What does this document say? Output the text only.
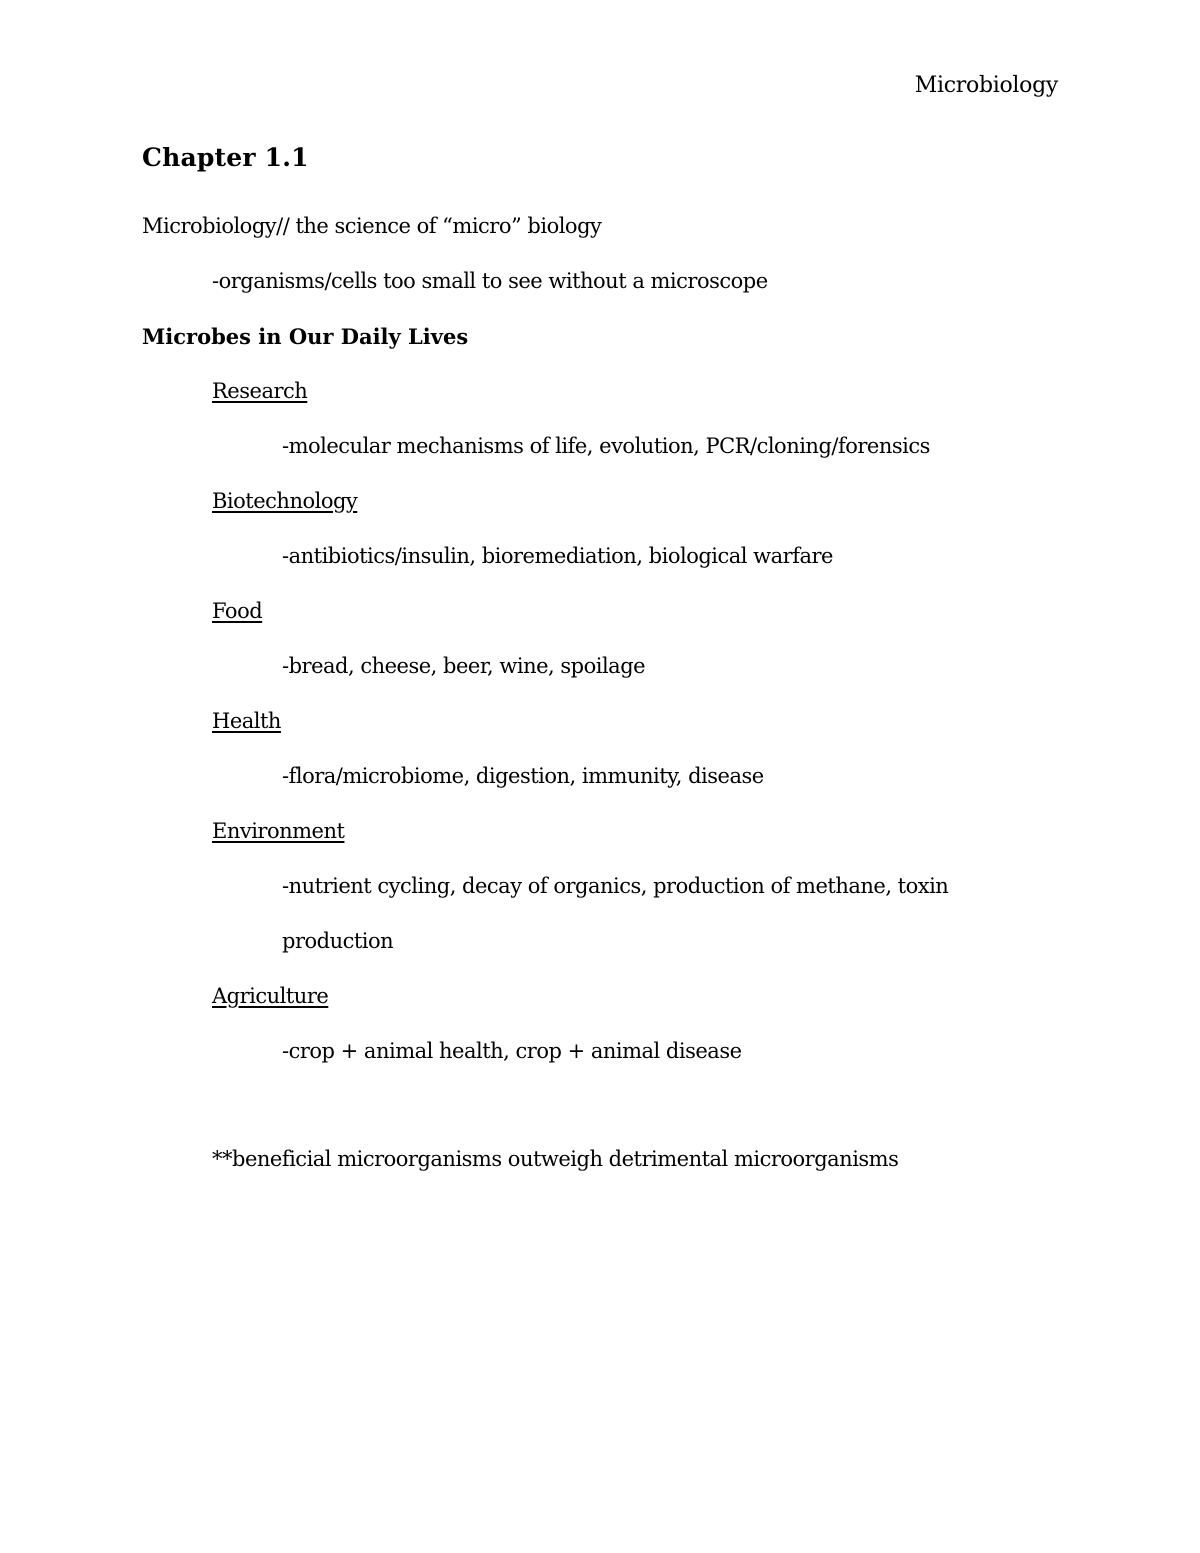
Microbiology
Chapter 1.1
Microbiology// the science of “micro” biology
-organisms/cells too small to see without a microscope
Microbes in Our Daily Lives
Research
-molecular mechanisms of life, evolution, PCR/cloning/forensics
Biotechnology
-antibiotics/insulin, bioremediation, biological warfare
Food
-bread, cheese, beer, wine, spoilage
Health
-flora/microbiome, digestion, immunity, disease
Environment
-nutrient cycling, decay of organics, production of methane, toxin
production
Agriculture
-crop + animal health, crop + animal disease
**beneficial microorganisms outweigh detrimental microorganisms
